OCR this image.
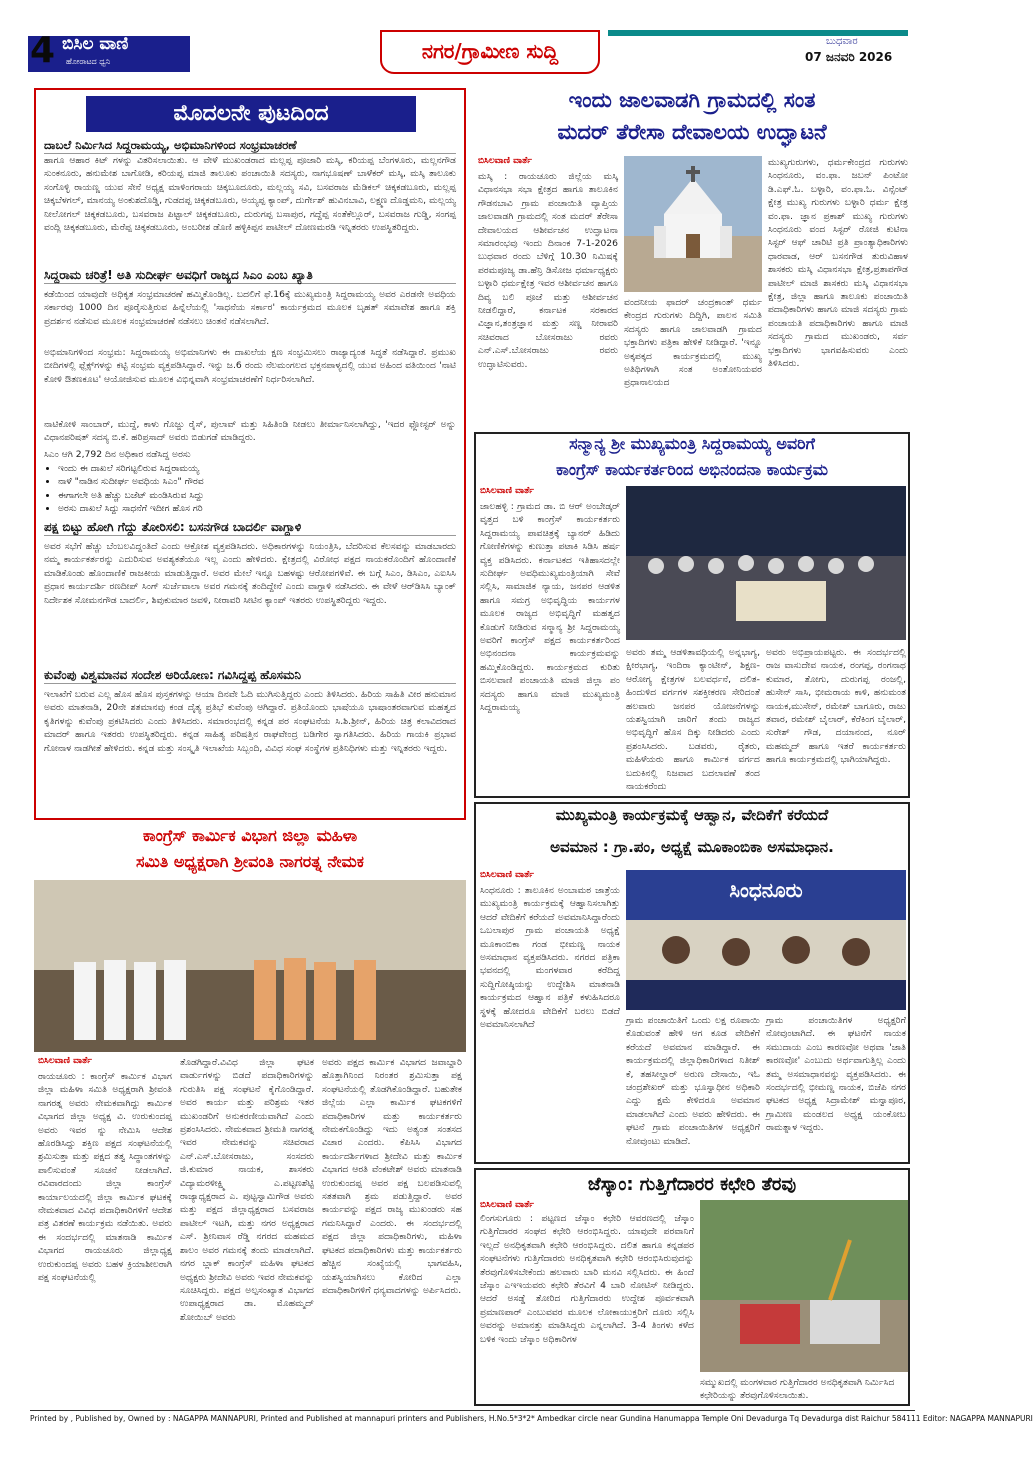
4 ಬಿಸಿಲ ವಾಣಿ
ಹೋರಾಟದ ಧ್ವನಿ	ನಗರ/ಗ್ರಾಮೀಣ ಸುದ್ದಿ	ಬುಧವಾರ
07 ಜನವರಿ 2026
ಮೊದಲನೇ ಪುಟದಿಂದ
ದಾಬಲೆ ನಿರ್ಮಿಸಿದ ಸಿದ್ದರಾಮಯ್ಯ, ಅಭಿಮಾನಿಗಳಿಂದ ಸಂಭ್ರಮಾಚರಣೆ
ಹಾಗೂ ಆಹಾರ ಕಿಟ್ ಗಳನ್ನು ವಿತರಿಸಲಾಯಿತು. ಆ ವೇಳೆ ಮುಖಂಡರಾದ ಮಲ್ಲಪ್ಪ ಪೂಜಾರಿ ಮಸ್ಕಿ, ಕರಿಯಪ್ಪ ಬೆಂಗಳೂರು, ಮಲ್ಲನಗೌಡ ಸುಂಕನೂರು, ಹನುಮೇಶ ಬಾಗೋಡಿ, ಕರಿಯಪ್ಪ ಮಾಜಿ ತಾಲೂಕು ಪಂಚಾಯಿತಿ ಸದಸ್ಯರು, ನಾಗಭೂಷಣ್ ಬಾಳೆಕರ್ ಮಸ್ಕಿ, ಮಸ್ಕಿ ತಾಲೂಕು ಸಂಗೊಳ್ಳಿ ರಾಯಣ್ಣ ಯುವ ಸೇನೆ ಅಧ್ಯಕ್ಷ ಮಾಳಿಂಗರಾಯ ಚಿಕ್ಕಬೂದೂರು, ಮಲ್ಲಯ್ಯ ಸವಿ, ಬಸವರಾಜ ಮೆಡಿಕಲ್ ಚಿಕ್ಕಕಡಬೂರು, ಮಲ್ಲಪ್ಪ ಚಿಕ್ಕಬೆಳಗಲ್, ಮಾನಯ್ಯ ಅಂಕುಶದೊಡ್ಡಿ, ಗುಡದಪ್ಪ ಚಿಕ್ಕಕಡಬೂರು, ಅಯ್ಯಪ್ಪ ಕ್ಯಾಂಪ್, ದುರ್ಗೇಶ್ ಹುವಿನಬಾವಿ, ಲಕ್ಷ್ಮಣ ದೊಡ್ಡಮನಿ, ಮಲ್ಲಯ್ಯ ನೀಲೋಗಲ್ ಚಿಕ್ಕಕಡಬೂರು, ಬಸವರಾಜ ಪಿಟ್ಟಾಲ್ ಚಿಕ್ಕಕಡಬೂರು, ದುರುಗಪ್ಪ ಬಸಾಪುರ, ಗದ್ದೆಪ್ಪ ಸಂತೆಕೆಲ್ಲೂರ್, ಬಸವರಾಜ ಗುಡ್ಡಿ, ಸಂಗಪ್ಪ ವಂದ್ಲಿ ಚಿಕ್ಕಕಡಬೂರು, ಮೆರೆಪ್ಪ ಚಿಕ್ಕಕಡಬೂರು, ಅಂಬರೀಶ ಡೊಣಿ ಹಳ್ಳಿಕಿಪ್ಪನ ಪಾಟೀಲ್ ದೋಣಮರಡಿ ಇನ್ನಿತರರು ಉಪಸ್ಥಿತರಿದ್ದರು.
ಸಿದ್ದರಾಮ ಚರಿತ್ರೆ! ಅತಿ ಸುದೀರ್ಘ ಅವಧಿಗೆ ರಾಜ್ಯದ ಸಿಎಂ ಎಂಬ ಖ್ಯಾತಿ
ಕಡೆಯಿಂದ ಯಾವುದೇ ಅಧಿಕೃತ ಸಂಭ್ರಮಾಚರಣೆ ಹಮ್ಮಿಕೊಂಡಿಲ್ಲ. ಬದಲಿಗೆ ಫೆ.16ಕ್ಕೆ ಮುಖ್ಯಮಂತ್ರಿ ಸಿದ್ದರಾಮಯ್ಯ ಅವರ ಎರಡನೇ ಅವಧಿಯ ಸರ್ಕಾರವು 1000 ದಿನ ಪೂರೈಸುತ್ತಿರುವ ಹಿನ್ನೆಲೆಯಲ್ಲಿ 'ಸಾಧನೆಯ ಸರ್ಕಾರ' ಕಾರ್ಯಕ್ರಮದ ಮೂಲಕ ಬೃಹತ್ ಸಮಾವೇಶ ಹಾಗೂ ಶಕ್ತಿ ಪ್ರದರ್ಶನ ನಡೆಸುವ ಮೂಲಕ ಸಂಭ್ರಮಾಚರಣೆ ನಡೆಸಲು ಚಿಂತನೆ ನಡೆಸಲಾಗಿದೆ.
ಅಭಿಮಾನಿಗಳಿಂದ ಸಂಭ್ರಮ: ಸಿದ್ದರಾಮಯ್ಯ ಅಭಿಮಾನಿಗಳು ಈ ದಾಖಲೆಯ ಕ್ಷಣ ಸಂಭ್ರಮಿಸಲು ರಾಜ್ಯಾದ್ಯಂತ ಸಿದ್ಧತೆ ನಡೆಸಿದ್ದಾರೆ. ಪ್ರಮುಖ ಬೀದಿಗಳಲ್ಲಿ ಫ್ಲೆಕ್ಸ್‌ಗಳನ್ನು ಕಟ್ಟಿ ಸಂಭ್ರಮ ವ್ಯಕ್ತಪಡಿಸಿದ್ದಾರೆ. ಇನ್ನು ಜ.6 ರಂದು ನೆಲಮಂಗಲದ ಭಕ್ತನಪಾಳ್ಯದಲ್ಲಿ ಯುವ ಅಹಿಂದ ವತಿಯಿಂದ 'ನಾಟಿ ಕೋಳಿ ಔತಣಕೂಟ' ಆಯೋಜಿಸುವ ಮೂಲಕ ವಿಭಿನ್ನವಾಗಿ ಸಂಭ್ರಮಾಚರಣೆಗೆ ನಿರ್ಧರಿಸಲಾಗಿದೆ.
ನಾಟಿಕೋಳಿ ಸಾಂಬಾರ್, ಮುದ್ದೆ, ಕಾಳು ಗೊಜ್ಜು ರೈಸ್, ಪುಲಾವ್ ಮತ್ತು ಸಿಹಿತಿಂಡಿ ನೀಡಲು ತೀರ್ಮಾನಿಸಲಾಗಿದ್ದು, 'ಇದರ ಫ್ಲೋಸ್ಟರ್ ಅನ್ನು ವಿಧಾನಪರಿಷತ್ ಸದಸ್ಯ ಬಿ.ಕೆ. ಹರಿಪ್ರಸಾದ್ ಅವರು ಬಿಡುಗಡೆ ಮಾಡಿದ್ದರು.
ಸಿಎಂ ಆಗಿ 2,792 ದಿನ ಅಧಿಕಾರ ನಡೆಸಿದ್ದ ಅರಸು
• ಇಂದು ಈ ದಾಖಲೆ ಸರಿಗಟ್ಟಲಿರುವ ಸಿದ್ದರಾಮಯ್ಯ
• ನಾಳೆ "ನಾಡಿನ ಸುದೀರ್ಘ ಅವಧಿಯ ಸಿಎಂ" ಗೌರವ
• ಈಗಾಗಲೇ ಅತಿ ಹೆಚ್ಚು ಬಜೆಟ್ ಮಂಡಿಸಿರುವ ಸಿದ್ದು
• ಅರಸು ದಾಖಲೆ ಸಿದ್ದು ಸಾಧನೆಗೆ ಇದೀಗ ಹೊಸ ಗರಿ
ಪಕ್ಷ ಬಿಟ್ಟು ಹೋಗಿ ಗೆದ್ದು ತೋರಿಸಲಿ: ಬಸನಗೌಡ ಬಾದರ್ಲಿ ವಾಗ್ದಾಳಿ
ಅವರ ಸಭೆಗೆ ಹೆಚ್ಚು ಬೆಂಬಲವಿದ್ದಂತಿದೆ ಎಂದು ಆಕ್ರೋಶ ವ್ಯಕ್ತಪಡಿಸಿದರು. ಅಧಿಕಾರಗಳನ್ನು ನಿಯಂತ್ರಿಸಿ, ಬೆದರಿಸುವ ಕೆಲಸವನ್ನು ಮಾಡಬಾರದು ನಮ್ಮ ಕಾರ್ಯಕರ್ತರನ್ನು ಎದುರಿಸುವ ಅವಶ್ಯಕತೆಯೂ ಇಲ್ಲ ಎಂದು ಹೇಳಿದರು. ಕ್ಷೇತ್ರದಲ್ಲಿ ವಿರೋಧ ಪಕ್ಷದ ನಾಯಕರೊಂದಿಗೆ ಹೊಂದಾಣಿಕೆ ಮಾಡಿಕೊಂಡು ಹೊಂದಾಣಿಕೆ ರಾಜಕೀಯ ಮಾಡುತ್ತಿದ್ದಾರೆ. ಅವರ ಮೇಲೆ ಇನ್ನೂ ಬಹಳಷ್ಟು ಆರೋಪಗಳಿವೆ. ಈ ಬಗ್ಗೆ ಸಿಎಂ, ಡಿಸಿಎಂ, ಎಐಸಿಸಿ ಪ್ರಧಾನ ಕಾರ್ಯದರ್ಶಿ ರಣದೀಪ್ ಸಿಂಗ್ ಸುರ್ಜೆವಾಲಾ ಅವರ ಗಮನಕ್ಕೆ ತಂದಿದ್ದೇನೆ ಎಂದು ವಾಗ್ದಾಳಿ ನಡೆಸಿದರು. ಈ ವೇಳೆ ಆರ್‌ಡಿಸಿಸಿ ಬ್ಯಾಂಕ್ ನಿರ್ದೇಶಕ ಸೋಮನಗೌಡ ಬಾದರ್ಲಿ, ಶಿವುಕುಮಾರ ಜವಳಿ, ನೀರಾವರಿ ಸೀಟಿನ ಕ್ಯಾಂಪ್ ಇತರರು ಉಪಸ್ಥಿತರಿದ್ದರು ಇದ್ದರು.
ಕುವೆಂಪು ವಿಶ್ವಮಾನವ ಸಂದೇಶ ಅರಿಯೋಣ: ಗವಿಸಿದ್ದಪ್ಪ ಹೊಸಮನಿ
ಇಲಾಖೆಗೆ ಬರುವ ಎಲ್ಲ ಹೊಸ ಹೊಸ ಪುಸ್ತಕಗಳನ್ನು ಆಯಾ ದಿನವೇ ಓದಿ ಮುಗಿಸುತ್ತಿದ್ದರು ಎಂದು ತಿಳಿಸಿದರು. ಹಿರಿಯ ಸಾಹಿತಿ ವೀರ ಹನುಮಾನ ಅವರು ಮಾತನಾಡಿ, 20ನೇ ಶತಮಾನವು ಕಂಡ ದೈತ್ಯ ಪ್ರತಿಭೆ ಕುವೆಂಪು ಆಗಿದ್ದಾರೆ. ಪ್ರತಿಯೊಂದು ಭಾಷೆಯೂ ಭಾಷಾಂತರವಾಗುವ ಮಹತ್ವದ ಕೃತಿಗಳನ್ನು ಕುವೆಂಪು ಪ್ರಕಟಿಸಿದರು ಎಂದು ತಿಳಿಸಿದರು. ಸಮಾರಂಭದಲ್ಲಿ ಕನ್ನಡ ಪರ ಸಂಘಟನೆಯ ಸಿ.ಶಿ.ಶ್ರೀನ್, ಹಿರಿಯ ಚಿತ್ರ ಕಲಾವಿದರಾದ ಮಾದರ್ ಹಾಗೂ ಇತರರು ಉಪಸ್ಥಿತರಿದ್ದರು. ಕನ್ನಡ ಸಾಹಿತ್ಯ ಪರಿಷತ್ತಿನ ರಾಘವೇಂದ್ರ ಬಡಿಗೇರ ಸ್ವಾಗತಿಸಿದರು. ಹಿರಿಯ ಗಾಯಕಿ ಪ್ರಭಾವ ಗೋನಾಳ ನಾಡಗೀತೆ ಹೇಳಿದರು. ಕನ್ನಡ ಮತ್ತು ಸಂಸ್ಕೃತಿ ಇಲಾಖೆಯ ಸಿಬ್ಬಂದಿ, ವಿವಿಧ ಸಂಘ ಸಂಸ್ಥೆಗಳ ಪ್ರತಿನಿಧಿಗಳು ಮತ್ತು ಇನ್ನಿತರರು ಇದ್ದರು.
ಇಂದು ಜಾಲವಾಡಗಿ ಗ್ರಾಮದಲ್ಲಿ ಸಂತ
ಮದರ್ ತೆರೇಸಾ ದೇವಾಲಯ ಉದ್ಘಾಟನೆ
ಬಿಸಿಲವಾಣಿ ವಾರ್ತೆ
ಮಸ್ಕಿ : ರಾಯಚೂರು ಜಿಲ್ಲೆಯ ಮಸ್ಕಿ ವಿಧಾನಸಭಾ ಸಭಾ ಕ್ಷೇತ್ರದ ಹಾಗೂ ತಾಲೂಕಿನ ಗೌಡನಬಾವಿ ಗ್ರಾಮ ಪಂಚಾಯಿತಿ ವ್ಯಾಪ್ತಿಯ ಜಾಲವಾಡಗಿ ಗ್ರಾಮದಲ್ಲಿ ಸಂತ ಮದರ್ ತೆರೇಸಾ ದೇವಾಲಯದ ಆಶೀರ್ವಚನ ಉದ್ಘಾಟನಾ ಸಮಾರಂಭವು ಇಂದು ದಿನಾಂಕ 7-1-2026 ಬುಧವಾರ ರಂದು ಬೆಳಿಗ್ಗೆ 10.30 ನಿಮಿಷಕ್ಕೆ ಪರಮಪೂಜ್ಯ ಡಾ.ಹೆನ್ರಿ ಡಿಸೋಜ ಧರ್ಮಾಧ್ಯಕ್ಷರು ಬಳ್ಳಾರಿ ಧರ್ಮಕ್ಷೇತ್ರ ಇವರ ಆಶೀರ್ವಚನ ಹಾಗೂ ದಿವ್ಯ ಬಲಿ ಪೂಜೆ ಮತ್ತು ಆಶೀರ್ವಚನ ನೀಡಲಿದ್ದಾರೆ, ಕರ್ನಾಟಕ ಸರಕಾರದ ವಿಜ್ಞಾನ,ತಂತ್ರಜ್ಞಾನ ಮತ್ತು ಸಣ್ಣ ನೀರಾವರಿ ಸಚಿವರಾದ ಬೋಸರಾಜು ರವರು ಎನ್.ಎಸ್.ಬೋಸರಾಜು ರವರು ಉದ್ಘಾಟಿಸುವರು.
ವಂದನೀಯ ಫಾದರ್ ಚಂದ್ರಕಾಂತ್ ಧರ್ಮ ಕೇಂದ್ರದ ಗುರುಗಳು ದಿದ್ದಿಗಿ, ಪಾಲನ ಸಮಿತಿ ಸದಸ್ಯರು ಹಾಗೂ ಜಾಲವಾಡಗಿ ಗ್ರಾಮದ ಭಕ್ತಾದಿಗಳು ಪತ್ರಿಕಾ ಹೇಳಿಕೆ ನೀಡಿದ್ದಾರೆ. 'ಇನ್ನೂ ಅಕ್ಕಪಕ್ಕದ ಕಾರ್ಯಕ್ರಮದಲ್ಲಿ ಮುಖ್ಯ ಅತಿಥಿಗಳಾಗಿ ಸಂತ ಅಂತೋನಿಯವರ ಪ್ರಧಾನಾಲಯದ
ಮುಖ್ಯಗುರುಗಳು, ಧರ್ಮಕೇಂದ್ರದ ಗುರುಗಳು ಸಿಂಧನೂರು, ವಂ.ಫಾ. ಜಬನ್ ಪಿಂಟೋ ಡಿ.ಎಫ್.ಓ. ಬಳ್ಳಾರಿ, ವಂ.ಫಾ.ಓ. ವಿನ್ಸೆಂಟ್ ಕ್ಷೇತ್ರ ಮುಖ್ಯ ಗುರುಗಳು ಬಳ್ಳಾರಿ ಧರ್ಮ ಕ್ಷೇತ್ರ ವಂ.ಫಾ. ಜ್ಞಾನ ಪ್ರಕಾಶ್ ಮುಖ್ಯ ಗುರುಗಳು ಸಿಂಧನೂರು ವಂದ ಸಿಸ್ಟರ್ ರೋಜಿ ಕುಟಿನಾ ಸಿಸ್ಟರ್ ಆಫ್ ಚಾರಿಟಿ ಪ್ರತಿ ಪ್ರಾಂತ್ಯಾಧಿಕಾರಿಗಳು ಧಾರವಾಡ, ಆರ್ ಬಸನಗೌಡ ತುರುವಿಹಾಳ ಶಾಸಕರು ಮಸ್ಕಿ ವಿಧಾನಸಭಾ ಕ್ಷೇತ್ರ,ಪ್ರತಾಪಗೌಡ ಪಾಟೀಲ್ ಮಾಜಿ ಶಾಸಕರು ಮಸ್ಕಿ ವಿಧಾನಸಭಾ ಕ್ಷೇತ್ರ, ಜಿಲ್ಲಾ ಹಾಗೂ ತಾಲೂಕು ಪಂಚಾಯಿತಿ ಪದಾಧಿಕಾರಿಗಳು ಹಾಗೂ ಮಾಜಿ ಸದಸ್ಯರು ಗ್ರಾಮ ಪಂಚಾಯತಿ ಪದಾಧಿಕಾರಿಗಳು ಹಾಗೂ ಮಾಜಿ ಸದಸ್ಯರು ಗ್ರಾಮದ ಮುಖಂಡರು, ಸರ್ವ ಭಕ್ತಾದಿಗಳು ಭಾಗವಹಿಸುವರು ಎಂದು ತಿಳಿಸಿದರು.
ಸನ್ಮಾನ್ಯ ಶ್ರೀ ಮುಖ್ಯಮಂತ್ರಿ ಸಿದ್ದರಾಮಯ್ಯ ಅವರಿಗೆ
ಕಾಂಗ್ರೆಸ್ ಕಾರ್ಯಕರ್ತರಿಂದ ಅಭಿನಂದನಾ ಕಾರ್ಯಕ್ರಮ
ಬಿಸಿಲವಾಣಿ ವಾರ್ತೆ
ಜಾಲಹಳ್ಳಿ : ಗ್ರಾಮದ ಡಾ. ಬಿ ಆರ್ ಅಂಬೇಡ್ಕರ್ ವೃತ್ತದ ಬಳಿ ಕಾಂಗ್ರೆಸ್ ಕಾರ್ಯಕರ್ತರು ಸಿದ್ದರಾಮಯ್ಯ ಪಾವಚಿತ್ರಕ್ಕೆ ಬ್ಯಾನರ್ ಹಿಡಿದು ಗೋಣಿಕೆಗಳನ್ನು ಕುಣುತ್ತಾ ಪಟಾಕಿ ಸಿಡಿಸಿ ಹರ್ಷ ವ್ಯಕ್ತ ಪಡಿಸಿದರು. ಕರ್ನಾಟಕದ ಇತಿಹಾಸದಲ್ಲೇ ಸುದೀರ್ಘ ಅವಧಿಮುಖ್ಯಮಂತ್ರಿಯಾಗಿ ಸೇವೆ ಸಲ್ಲಿಸಿ, ಸಾಮಾಜಿಕ ನ್ಯಾಯ, ಜನಪರ ಆಡಳಿತ ಹಾಗೂ ಸಮಗ್ರ ಅಭಿವೃದ್ಧಿಯ ಕಾರ್ಯಗಳ ಮೂಲಕ ರಾಜ್ಯದ ಅಭಿವೃದ್ಧಿಗೆ ಮಹತ್ವದ ಕೊಡುಗೆ ನೀಡಿರುವ ಸನ್ಮಾನ್ಯ ಶ್ರೀ ಸಿದ್ದರಾಮಯ್ಯ ಅವರಿಗೆ ಕಾಂಗ್ರೆಸ್ ಪಕ್ಷದ ಕಾರ್ಯಕರ್ತರಿಂದ ಅಭಿನಂದನಾ ಕಾರ್ಯಕ್ರಮವನ್ನು ಹಮ್ಮಿಕೊಂಡಿದ್ದರು. ಕಾರ್ಯಕ್ರಮದ ಕುರಿತು ಬಿಸಲವಾಣಿ ಪಂಚಾಯತಿ ಮಾಜಿ ಜಿಲ್ಲಾ ಪಂ ಸದಸ್ಯರು ಹಾಗೂ ಮಾಜಿ ಮುಖ್ಯಮಂತ್ರಿ ಸಿದ್ದರಾಮಯ್ಯ
ಅವರು ತಮ್ಮ ಆಡಳಿತಾವಧಿಯಲ್ಲಿ ಅನ್ನಭಾಗ್ಯ, ಕ್ಷೀರಭಾಗ್ಯ, ಇಂದಿರಾ ಕ್ಯಾಂಟೀನ್, ಶಿಕ್ಷಣ-ಆರೋಗ್ಯ ಕ್ಷೇತ್ರಗಳ ಬಲವರ್ಧನೆ, ದಲಿತ-ಹಿಂದುಳಿದ ವರ್ಗಗಳ ಸಶಕ್ತೀಕರಣ ಸೇರಿದಂತೆ ಹಲವಾರು ಜನಪರ ಯೋಜನೆಗಳನ್ನು ಯಶಸ್ವಿಯಾಗಿ ಜಾರಿಗೆ ತಂದು ರಾಜ್ಯದ ಅಭಿವೃದ್ಧಿಗೆ ಹೊಸ ದಿಕ್ಕು ನೀಡಿದರು ಎಂದು ಪ್ರಶಂಸಿಸಿದರು. ಬಡವರು, ರೈತರು, ಮಹಿಳೆಯರು ಹಾಗೂ ಕಾರ್ಮಿಕ ವರ್ಗದ ಬದುಕಿನಲ್ಲಿ ನಿಜವಾದ ಬದಲಾವಣೆ ತಂದ ನಾಯಕರೆಂದು
ಅವರು ಅಭಿಪ್ರಾಯಪಟ್ಟರು. ಈ ಸಂದರ್ಭದಲ್ಲಿ ರಾಜ ವಾಸುದೇವ ನಾಯಕ, ರಂಗಪ್ಪ, ರಂಗನಾಥ ಕುಮಾರ, ತೋಗು, ದುರುಗಪ್ಪ ರಂಜಲ್ಲಿ, ಹುಸೇನ್ ಸಾಸಿ, ಭೀಮರಾಯ ಕಾಳಿ, ಹನುಮಂತ ನಾಯಕ,ಮುಸೇನ್, ರಮೇಶ್ ಬಾಗೂರು, ರಾಜು ತವಾರ, ರಮೇಶ್ ಬೈಲಾರ್, ಕೆರೆಕಿಂಗ ಬೈಲಾರ್, ಸುರೇಶ್ ಗೌಡ, ದಯಾನಂದ, ನೂರ್ ಮಹಮ್ಮದ್ ಹಾಗೂ ಇತರೆ ಕಾರ್ಯಕರ್ತರು ಹಾಗೂ ಕಾರ್ಯಕ್ರಮದಲ್ಲಿ ಭಾಗಿಯಾಗಿದ್ದರು.
ಕಾಂಗ್ರೆಸ್ ಕಾರ್ಮಿಕ ವಿಭಾಗ ಜಿಲ್ಲಾ ಮಹಿಳಾ
ಸಮಿತಿ ಅಧ್ಯಕ್ಷರಾಗಿ ಶ್ರೀವಂತಿ ನಾಗರತ್ನ ನೇಮಕ
ಬಿಸಿಲವಾಣಿ ವಾರ್ತೆ
ರಾಯಚೂರು : ಕಾಂಗ್ರೆಸ್ ಕಾರ್ಮಿಕ ವಿಭಾಗ ಜಿಲ್ಲಾ ಮಹಿಳಾ ಸಮಿತಿ ಅಧ್ಯಕ್ಷರಾಗಿ ಶ್ರೀವಂತಿ ನಾಗರತ್ನ ಅವರು ನೇಮಕವಾಗಿದ್ದು ಕಾರ್ಮಿಕ ವಿಭಾಗದ ಜಿಲ್ಲಾ ಅಧ್ಯಕ್ಷ ವಿ. ಉರುಕುಂದಪ್ಪ ಅವರು ಇವರ ನ್ನು ನೇಮಿಸಿ ಆದೇಶ ಹೊರಡಿಸಿದ್ದು ಶಕ್ತಿಣ ಪಕ್ಷದ ಸಂಘಟನೆಯಲ್ಲಿ ಶ್ರಮಿಸುತ್ತಾ ಮತ್ತು ಪಕ್ಷದ ತತ್ವ ಸಿದ್ಧಾಂತಗಳನ್ನು ಪಾಲಿಸುವಂತೆ ಸೂಚನೆ ನೀಡಲಾಗಿದೆ. ರವಿವಾರದಂದು ಜಿಲ್ಲಾ ಕಾಂಗ್ರೆಸ್ ಕಾರ್ಯಾಲಯದಲ್ಲಿ ಜಿಲ್ಲಾ ಕಾರ್ಮಿಕ ಘಟಕಕ್ಕೆ ನೇಮಕವಾದ ವಿವಿಧ ಪದಾಧಿಕಾರಿಗಳಿಗೆ ಆದೇಶ ಪತ್ರ ವಿತರಣೆ ಕಾರ್ಯಕ್ರಮ ನಡೆಯಿತು. ಅವರು ಈ ಸಂದರ್ಭದಲ್ಲಿ ಮಾತನಾಡಿ ಕಾರ್ಮಿಕ ವಿಭಾಗದ ರಾಯಚೂರು ಜಿಲ್ಲಾಧ್ಯಕ್ಷ ಉರುಕುಂದಪ್ಪ ಅವರು ಬಹಳ ಕ್ರಿಯಾಶೀಲರಾಗಿ ಪಕ್ಷ ಸಂಘಟನೆಯಲ್ಲಿ
ತೊಡಗಿದ್ದಾರೆ.ವಿವಿಧ ಜಿಲ್ಲಾ ಘಟಕ ವಾರ್ಡುಗಳನ್ನು ಬಿಡದೆ ಪದಾಧಿಕಾರಿಗಳನ್ನು ಗುರುತಿಸಿ ಪಕ್ಷ ಸಂಘಟನೆ ಕೈಗೊಂಡಿದ್ದಾರೆ. ಅವರ ಕಾರ್ಯ ಮತ್ತು ಪರಿಶ್ರಮ ಇತರ ಮುಖಂಡರಿಗೆ ಅನುಕರಣೀಯವಾಗಿದೆ ಎಂದು ಪ್ರಶಂಸಿಸಿದರು. ನೇಮಕವಾದ ಶ್ರೀಮತಿ ನಾಗರತ್ನ ಇವರ ನೇಮಕವನ್ನು ಸಚಿವರಾದ ಎನ್.ಎಸ್.ಬೋಸರಾಜು, ಸಂಸದರು ಜಿ.ಕುಮಾರ ನಾಯಕ, ಶಾಸಕರು ವಿದ್ಯಾಮರಳೀಕ್ಷ್ಮಿ ಎ.ಪಟ್ಟಣಶೆಟ್ಟಿ ರಾಜ್ಯಾಧ್ಯಕ್ಷರಾದ ಎ. ಪುಟ್ಟಸ್ವಾಮಿಗೌಡ ಅವರು ಮತ್ತು ಪಕ್ಷದ ಜಿಲ್ಲಾಧ್ಯಕ್ಷರಾದ ಬಸವರಾಜ ಪಾಟೀಲ್ ಇಟಗಿ, ಮತ್ತು ನಗರ ಅಧ್ಯಕ್ಷರಾದ ಎಸ್. ಶ್ರೀನಿವಾಸ ರೆಡ್ಡಿ ನಗರದ ಮಹಮದ ಶಾಲಂ ಅವರ ಗಮನಕ್ಕೆ ತಂದು ಮಾಡಲಾಗಿದೆ. ನಗರ ಬ್ಲಾಕ್ ಕಾಂಗ್ರೆಸ್ ಮಹಿಳಾ ಘಟಕದ ಅಧ್ಯಕ್ಷರು ಶ್ರೀದೇವಿ ಅವರು ಇವರ ನೇಮಕವನ್ನು ಸೂಚಿಸಿದ್ದರು. ಪಕ್ಷದ ಅಲ್ಪಸಂಖ್ಯಾತ ವಿಭಾಗದ ಉಪಾಧ್ಯಕ್ಷರಾದ ಡಾ. ಮೊಹಮ್ಮದ್ ಶೋಯಿಬ್ ಅವರು
ಅವರು ಪಕ್ಷದ ಕಾರ್ಮಿಕ ವಿಭಾಗದ ಜವಾಬ್ದಾರಿ ಹೊತ್ತಾಗಿನಿಂದ ನಿರಂತರ ಶ್ರಮಿಸುತ್ತಾ ಪಕ್ಷ ಸಂಘಟನೆಯಲ್ಲಿ ತೊಡಗಿಕೊಂಡಿದ್ದಾರೆ. ಬಹುತೇಕ ಜಿಲ್ಲೆಯ ಎಲ್ಲಾ ಕಾರ್ಮಿಕ ಘಟಕಗಳಿಗೆ ಪದಾಧಿಕಾರಿಗಳ ಮತ್ತು ಕಾರ್ಯಕರ್ತರು ನೇಮಕಗೊಂಡಿದ್ದು ಇದು ಅತ್ಯಂತ ಸಂತಸದ ವಿಚಾರ ಎಂದರು. ಕೆಪಿಸಿಸಿ ವಿಭಾಗದ ಕಾರ್ಯದರ್ಶಿಗಳಾದ ಶ್ರೀದೇವಿ ಮತ್ತು ಕಾರ್ಮಿಕ ವಿಭಾಗದ ಆರತಿ ವೆಂಕಟೇಶ್ ಅವರು ಮಾತನಾಡಿ ಉರುಕುಂದಪ್ಪ ಅವರ ಪಕ್ಷ ಬಲಪಡಿಸುವಲ್ಲಿ ಸತತವಾಗಿ ಶ್ರಮ ಪಡುತ್ತಿದ್ದಾರೆ. ಅವರ ಕಾರ್ಯವನ್ನು ಪಕ್ಷದ ರಾಜ್ಯ ಮುಖಂಡರು ಸಹ ಗಮನಿಸಿದ್ದಾರೆ ಎಂದರು. ಈ ಸಂದರ್ಭದಲ್ಲಿ ಪಕ್ಷದ ಜಿಲ್ಲಾ ಪದಾಧಿಕಾರಿಗಳು, ಮಹಿಳಾ ಘಟಕದ ಪದಾಧಿಕಾರಿಗಳು ಮತ್ತು ಕಾರ್ಯಕರ್ತರು ಹೆಚ್ಚಿನ ಸಂಖ್ಯೆಯಲ್ಲಿ ಭಾಗವಹಿಸಿ, ಯಶಸ್ವಿಯಾಗಿಸಲು ಕೋರಿದ ಎಲ್ಲಾ ಪದಾಧಿಕಾರಿಗಳಿಗೆ ಧನ್ಯವಾದಗಳನ್ನು ಅರ್ಪಿಸಿದರು.
ಮುಖ್ಯಮಂತ್ರಿ ಕಾರ್ಯಕ್ರಮಕ್ಕೆ ಆಹ್ವಾನ, ವೇದಿಕೆಗೆ ಕರೆಯದೆ
ಅವಮಾನ : ಗ್ರಾ.ಪಂ, ಅಧ್ಯಕ್ಷೆ ಮೂಕಾಂಬಿಕಾ ಅಸಮಾಧಾನ.
ಬಿಸಿಲವಾಣಿ ವಾರ್ತೆ
ಸಿಂಧನೂರು
ಸಿಂಧನೂರು : ತಾಲೂಕಿನ ಅಂಬಾಮಠ ಜಾತ್ರೆಯ ಮುಖ್ಯಮಂತ್ರಿ ಕಾರ್ಯಕ್ರಮಕ್ಕೆ ಆಹ್ವಾನಿಸಲಾಗಿತ್ತು ಆದರೆ ವೇದಿಕೆಗೆ ಕರೆಯದೆ ಅವಮಾನಿಸಿದ್ದಾರೆಂದು ಒಬಲಾಪುರ ಗ್ರಾಮ ಪಂಚಾಯತಿ ಅಧ್ಯಕ್ಷೆ ಮೂಕಾಂಬಿಕಾ ಗಂಡ ಭೀಮಣ್ಣ ನಾಯಕ ಅಸಮಾಧಾನ ವ್ಯಕ್ತಪಡಿಸಿದರು. ನಗರದ ಪತ್ರಿಕಾ ಭವನದಲ್ಲಿ ಮಂಗಳವಾರ ಕರೆದಿದ್ದ ಸುದ್ದಿಗೋಷ್ಠಿಯನ್ನು ಉದ್ದೇಶಿಸಿ ಮಾತನಾಡಿ ಕಾರ್ಯಕ್ರಮದ ಆಹ್ವಾನ ಪತ್ರಿಕೆ ಕಳುಹಿಸಿದರೂ ಸ್ಥಳಕ್ಕೆ ಹೋದರೂ ವೇದಿಕೆಗೆ ಬರಲು ಬಿಡದೆ ಅವಮಾನಿಸಲಾಗಿದೆ	ಗ್ರಾಮ ಪಂಚಾಯಿತಿಗೆ ಒಂದು ಲಕ್ಷ ರೂಪಾಯಿ ಕೊಡುವಂತೆ ಹೇಳಿ ಆಗ ಕೂಡ ವೇದಿಕೆಗೆ ಕರೆಯದೆ ಅವಮಾನ ಮಾಡಿದ್ದಾರೆ. ಈ ಕಾರ್ಯಕ್ರಮದಲ್ಲಿ ಜಿಲ್ಲಾಧಿಕಾರಿಗಳಾದ ನಿತೀಶ್ ಕೆ, ತಹಸೀಲ್ದಾರ್ ಅರುಣ ದೇಸಾಯಿ, ಇಓ ಚಂದ್ರಶೇಖರ್ ಮತ್ತು ಭೂಸ್ವಾಧೀನ ಅಧಿಕಾರಿ ಎದ್ದು ಕ್ಷಮೆ ಕೇಳಿದರೂ ಅವಮಾನ ಮಾಡಲಾಗಿದೆ ಎಂದು ಅವರು ಹೇಳಿದರು. ಈ ಘಟನೆ ಗ್ರಾಮ ಪಂಚಾಯಿತಿಗಳ ಅಧ್ಯಕ್ಷರಿಗೆ ನೋವುಂಟು ಮಾಡಿದೆ.
ಗ್ರಾಮ ಪಂಚಾಯಿತಿಗಳ ಅಧ್ಯಕ್ಷರಿಗೆ ನೋವುಂಟಾಗಿದೆ. ಈ ಘಟನೆಗೆ ನಾಯಕ ಸಮುದಾಯ ಎಂಬ ಕಾರಣವೋ ಅಥವಾ 'ಜಾತಿ ಕಾರಣವೋ' ಎಂಬುದು ಅರ್ಥವಾಗುತ್ತಿಲ್ಲ ಎಂದು ತಮ್ಮ ಅಸಮಾಧಾನವನ್ನು ವ್ಯಕ್ತಪಡಿಸಿದರು. ಈ ಸಂದರ್ಭದಲ್ಲಿ ಭೀಮಣ್ಣ ನಾಯಕ, ಬಿಜೆಪಿ ನಗರ ಘಟಕದ ಅಧ್ಯಕ್ಷ ಸಿದ್ರಾಮೇಶ್ ಮನ್ವಾಪೂರ, ಗ್ರಾಮೀಣ ಮಂಡಲದ ಅಧ್ಯಕ್ಷ ಯಂಕೋಬ ರಾಮತ್ನಾಳ ಇದ್ದರು.
ಜೆಸ್ಕಾಂ: ಗುತ್ತಿಗೆದಾರರ ಕಛೇರಿ ತೆರವು
ಬಿಸಿಲವಾಣಿ ವಾರ್ತೆ
ಲಿಂಗಸುಗೂರು : ಪಟ್ಟಣದ ಜೆಸ್ಕಾಂ ಕಛೇರಿ ಆವರಣದಲ್ಲಿ ಜೆಸ್ಕಾಂ ಗುತ್ತಿಗೆದಾರರ ಸಂಘದ ಕಛೇರಿ ಆರಂಭಿಸಿದ್ದರು. ಯಾವುದೇ ಪರವಾನಿಗೆ ಇಲ್ಲದೆ ಅನಧಿಕೃತವಾಗಿ ಕಛೇರಿ ಆರಂಭಿಸಿದ್ದರು. ದಲಿತ ಹಾಗೂ ಕನ್ನಡಪರ ಸಂಘಟನೆಗಳು ಗುತ್ತಿಗೆದಾರರು ಅನಧಿಕೃತವಾಗಿ ಕಛೇರಿ ಆರಂಭಿಸಿರುವುದನ್ನು ತೆರವುಗೊಳಿಸಬೇಕೆಂದು ಹಲವಾರು ಬಾರಿ ಮನವಿ ಸಲ್ಲಿಸಿದರು. ಈ ಹಿಂದೆ ಜೆಸ್ಕಾಂ ಎಇಇಯವರು ಕಛೇರಿ ತೆರವಿಗೆ 4 ಬಾರಿ ನೋಟಿಸ್ ನೀಡಿದ್ದರು. ಆದರೆ ಅಸಡ್ಡೆ ತೋರಿದ ಗುತ್ತಿಗೆದಾರರು ಉದ್ದೇಶ ಪೂರ್ವಕವಾಗಿ ಪ್ರಮಾಣಪಾರ್ ಎಂಬುವವರ ಮೂಲಕ ಲೋಕಾಯುಕ್ತರಿಗೆ ದೂರು ಸಲ್ಲಿಸಿ ಅವರನ್ನು ಅಮಾನತ್ತು ಮಾಡಿಸಿದ್ದರು ಎನ್ನಲಾಗಿದೆ. 3-4 ತಿಂಗಳು ಕಳೆದ ಬಳಿಕ ಇಂದು ಜೆಸ್ಕಾಂ ಅಧಿಕಾರಿಗಳ
ಸಮ್ಮುಖದಲ್ಲಿ ಮಂಗಳವಾರ ಗುತ್ತಿಗೆದಾರರ ಅನಧಿಕೃತವಾಗಿ ನಿರ್ಮಿಸಿದ ಕಛೇರಿಯನ್ನು ತೆರವುಗೊಳಿಸಲಾಯಿತು.
Printed by , Published by, Owned by : NAGAPPA MANNAPURI, Printed and Published at mannapuri printers and Publishers, H.No.5*3*2* Ambedkar circle near Gundina Hanumappa Temple Oni Devadurga Tq Devadurga dist Raichur 584111 Editor: NAGAPPA MANNAPURI
